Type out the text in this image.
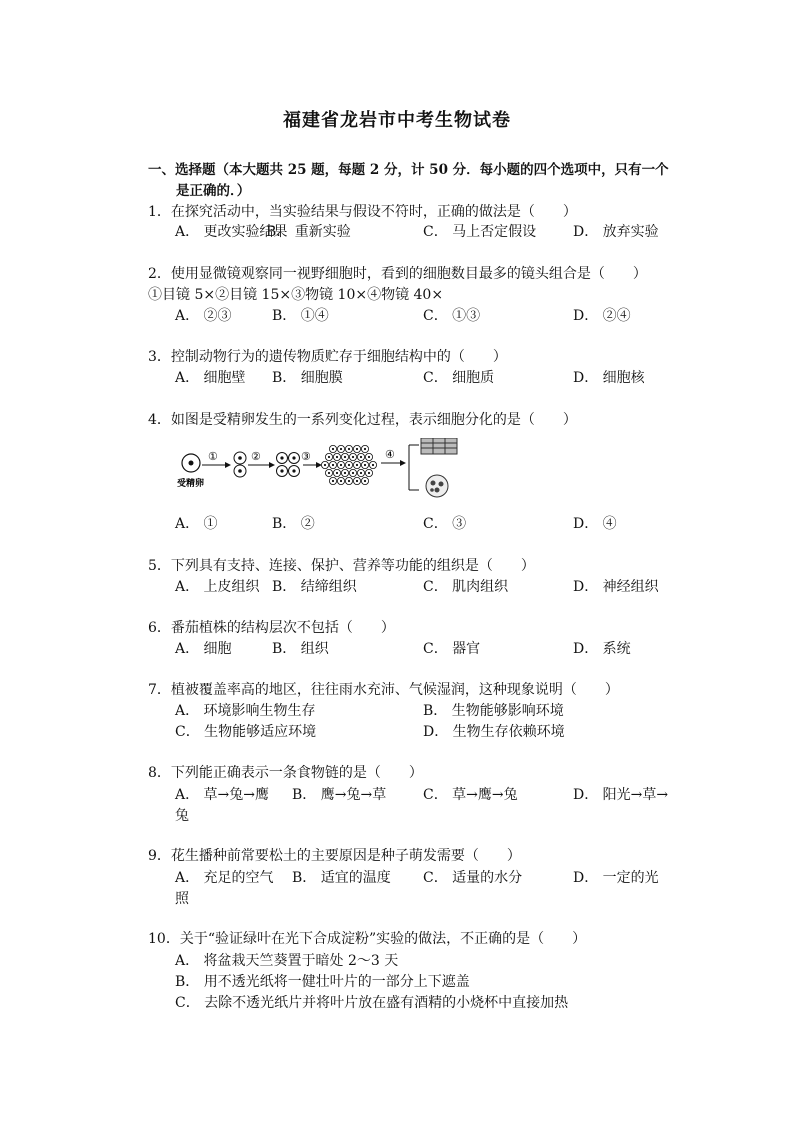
福建省龙岩市中考生物试卷
一、选择题（本大题共 25 题，每题 2 分，计 50 分．每小题的四个选项中，只有一个
是正确的．）
1．在探究活动中，当实验结果与假设不符时，正确的做法是（　　）
A． 更改实验结果
B． 重新实验	C． 马上否定假设	D． 放弃实验
2．使用显微镜观察同一视野细胞时，看到的细胞数目最多的镜头组合是（　　）
①目镜 5×②目镜 15×③物镜 10×④物镜 40×
A． ②③	B． ①④	C． ①③	D． ②④
3．控制动物行为的遗传物质贮存于细胞结构中的（　　）
A． 细胞壁 B． 细胞膜	C． 细胞质	D． 细胞核
4．如图是受精卵发生的一系列变化过程，表示细胞分化的是（　　）
受精卵
①	②	③	④
A． ①	B． ②	C． ③	D． ④
5．下列具有支持、连接、保护、营养等功能的组织是（　　）
A． 上皮组织 B． 结缔组织	C． 肌肉组织	D． 神经组织
6．番茄植株的结构层次不包括（　　）
A． 细胞	B． 组织	C． 器官	D． 系统
7．植被覆盖率高的地区，往往雨水充沛、气候湿润，这种现象说明（　　）
A． 环境影响生物生存	B． 生物能够影响环境
C． 生物能够适应环境	D． 生物生存依赖环境
8．下列能正确表示一条食物链的是（　　）
A． 草→兔→鹰 B． 鹰→兔→草	C． 草→鹰→兔	D． 阳光→草→
兔
9．花生播种前常要松土的主要原因是种子萌发需要（　　）
A． 充足的空气 B． 适宜的温度 C． 适量的水分	D． 一定的光
照
10．关于“验证绿叶在光下合成淀粉”实验的做法，不正确的是（　　）
A． 将盆栽天竺葵置于暗处 2～3 天
B． 用不透光纸将一健壮叶片的一部分上下遮盖
C． 去除不透光纸片并将叶片放在盛有酒精的小烧杯中直接加热
